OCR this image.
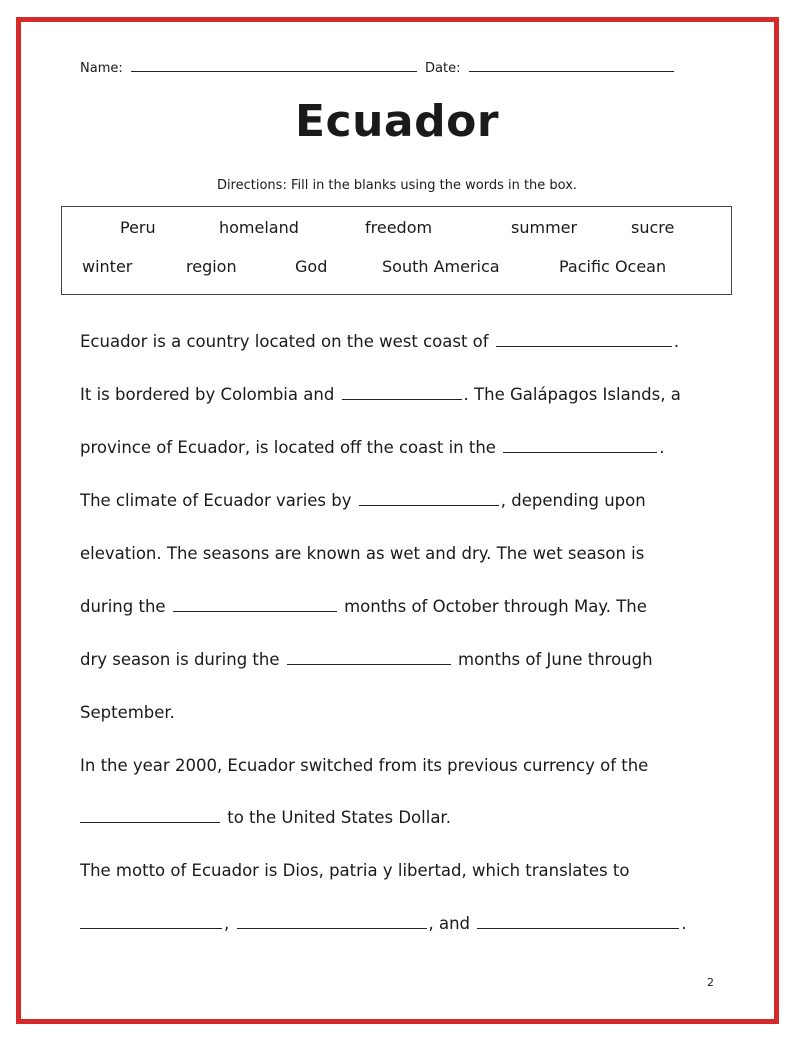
Name:	Date:
Ecuador
Directions: Fill in the blanks using the words in the box.
Peru	homeland	freedom	summer	sucre
winter	region	God	South America	Pacific Ocean
Ecuador is a country located on the west coast of	.
It is bordered by Colombia and	. The Galápagos Islands, a
province of Ecuador, is located off the coast in the	.
The climate of Ecuador varies by	, depending upon
elevation. The seasons are known as wet and dry. The wet season is
during the	months of October through May. The
dry season is during the	months of June through
September.
In the year 2000, Ecuador switched from its previous currency of the
to the United States Dollar.
The motto of Ecuador is Dios, patria y libertad, which translates to
,	, and	.
2
